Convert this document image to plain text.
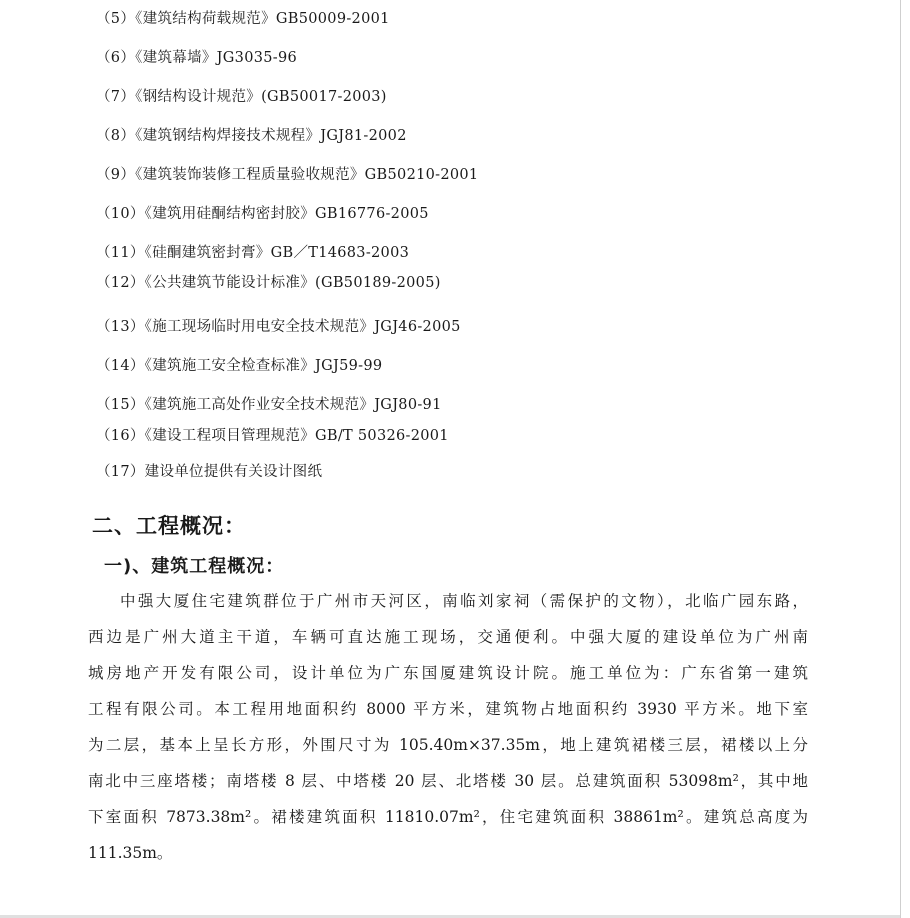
（5）《建筑结构荷载规范》GB50009-2001
（6）《建筑幕墙》JG3035-96
（7）《钢结构设计规范》(GB50017-2003)
（8）《建筑钢结构焊接技术规程》JGJ81-2002
（9）《建筑装饰装修工程质量验收规范》GB50210-2001
（10）《建筑用硅酮结构密封胶》GB16776-2005
（11）《硅酮建筑密封膏》GB／T14683-2003
（12）《公共建筑节能设计标准》(GB50189-2005)
（13）《施工现场临时用电安全技术规范》JGJ46-2005
（14）《建筑施工安全检查标准》JGJ59-99
（15）《建筑施工高处作业安全技术规范》JGJ80-91
（16）《建设工程项目管理规范》GB/T 50326-2001
（17）建设单位提供有关设计图纸
二、工程概况：
一)、建筑工程概况：
中强大厦住宅建筑群位于广州市天河区，南临刘家祠（需保护的文物），北临广园东路，
西边是广州大道主干道，车辆可直达施工现场，交通便利。中强大厦的建设单位为广州南
城房地产开发有限公司，设计单位为广东国厦建筑设计院。施工单位为：广东省第一建筑
工程有限公司。本工程用地面积约 8000 平方米，建筑物占地面积约 3930 平方米。地下室
为二层，基本上呈长方形，外围尺寸为 105.40m×37.35m，地上建筑裙楼三层，裙楼以上分
南北中三座塔楼；南塔楼 8 层、中塔楼 20 层、北塔楼 30 层。总建筑面积 53098m²，其中地
下室面积 7873.38m²。裙楼建筑面积 11810.07m²，住宅建筑面积 38861m²。建筑总高度为
111.35m。
